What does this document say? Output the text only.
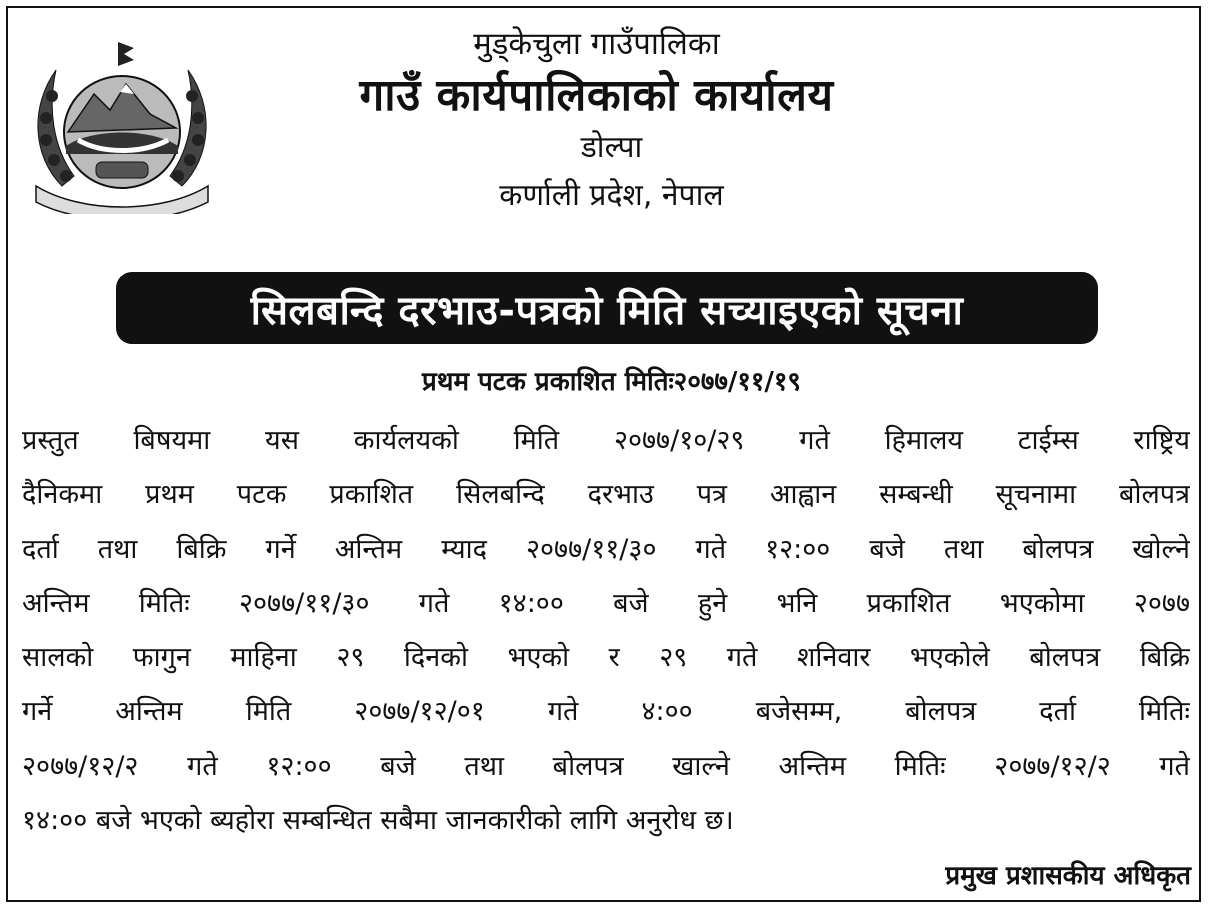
मुड्केचुला गाउँपालिका
गाउँ कार्यपालिकाको कार्यालय
डोल्पा
कर्णाली प्रदेश, नेपाल
सिलबन्दि दरभाउ-पत्रको मिति सच्याइएको सूचना
प्रथम पटक प्रकाशित मितिः२०७७/११/१९
प्रस्तुत बिषयमा यस कार्यलयको मिति २०७७/१०/२९ गते हिमालय टाईम्स राष्ट्रिय
दैनिकमा प्रथम पटक प्रकाशित सिलबन्दि दरभाउ पत्र आह्वान सम्बन्धी सूचनामा बोलपत्र
दर्ता तथा बिक्रि गर्ने अन्तिम म्याद २०७७/११/३० गते १२:०० बजे तथा बोलपत्र खोल्ने
अन्तिम मितिः २०७७/११/३० गते १४:०० बजे हुने भनि प्रकाशित भएकोमा २०७७
सालको फागुन माहिना २९ दिनको भएको र २९ गते शनिवार भएकोले बोलपत्र बिक्रि
गर्ने अन्तिम मिति २०७७/१२/०१ गते ४:०० बजेसम्म, बोलपत्र दर्ता मितिः
२०७७/१२/२ गते १२:०० बजे तथा बोलपत्र खाल्ने अन्तिम मितिः २०७७/१२/२ गते
१४:०० बजे भएको ब्यहोरा सम्बन्धित सबैमा जानकारीको लागि अनुरोध छ।
प्रमुख प्रशासकीय अधिकृत
